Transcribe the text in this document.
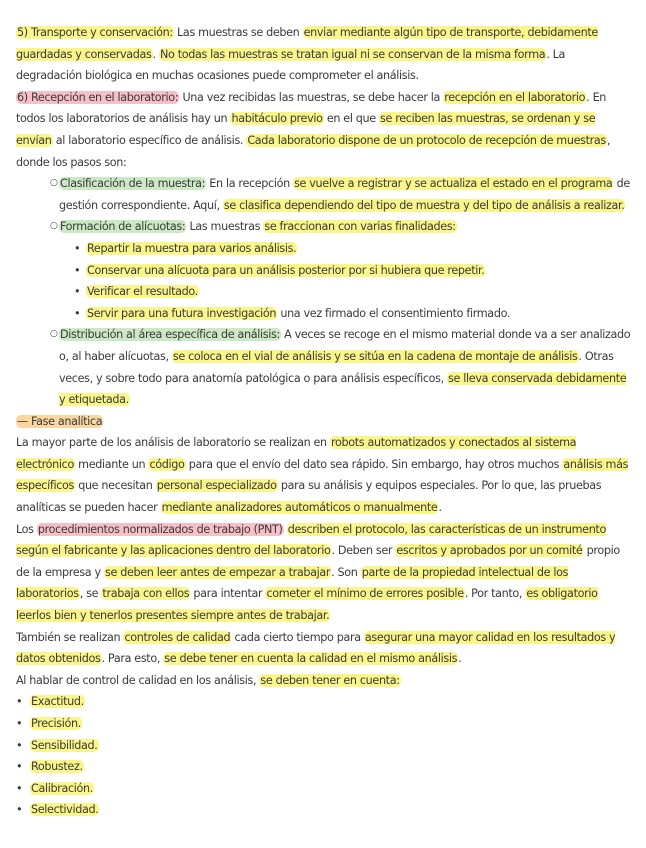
5) Transporte y conservación: Las muestras se deben enviar mediante algún tipo de transporte, debidamente guardadas y conservadas. No todas las muestras se tratan igual ni se conservan de la misma forma. La degradación biológica en muchas ocasiones puede comprometer el análisis.

6) Recepción en el laboratorio: Una vez recibidas las muestras, se debe hacer la recepción en el laboratorio. En todos los laboratorios de análisis hay un habitáculo previo en el que se reciben las muestras, se ordenan y se envían al laboratorio específico de análisis. Cada laboratorio dispone de un protocolo de recepción de muestras, donde los pasos son:

○ Clasificación de la muestra: En la recepción se vuelve a registrar y se actualiza el estado en el programa de gestión correspondiente. Aquí, se clasifica dependiendo del tipo de muestra y del tipo de análisis a realizar.

○ Formación de alícuotas: Las muestras se fraccionan con varias finalidades:

• Repartir la muestra para varios análisis.

• Conservar una alícuota para un análisis posterior por si hubiera que repetir.

• Verificar el resultado.

• Servir para una futura investigación una vez firmado el consentimiento firmado.

○ Distribución al área específica de análisis: A veces se recoge en el mismo material donde va a ser analizado o, al haber alícuotas, se coloca en el vial de análisis y se sitúa en la cadena de montaje de análisis. Otras veces, y sobre todo para anatomía patológica o para análisis específicos, se lleva conservada debidamente y etiquetada.

— Fase analítica

La mayor parte de los análisis de laboratorio se realizan en robots automatizados y conectados al sistema electrónico mediante un código para que el envío del dato sea rápido. Sin embargo, hay otros muchos análisis más específicos que necesitan personal especializado para su análisis y equipos especiales. Por lo que, las pruebas analíticas se pueden hacer mediante analizadores automáticos o manualmente.

Los procedimientos normalizados de trabajo (PNT) describen el protocolo, las características de un instrumento según el fabricante y las aplicaciones dentro del laboratorio. Deben ser escritos y aprobados por un comité propio de la empresa y se deben leer antes de empezar a trabajar. Son parte de la propiedad intelectual de los laboratorios, se trabaja con ellos para intentar cometer el mínimo de errores posible. Por tanto, es obligatorio leerlos bien y tenerlos presentes siempre antes de trabajar.

También se realizan controles de calidad cada cierto tiempo para asegurar una mayor calidad en los resultados y datos obtenidos. Para esto, se debe tener en cuenta la calidad en el mismo análisis.

Al hablar de control de calidad en los análisis, se deben tener en cuenta:

• Exactitud.

• Precisión.

• Sensibilidad.

• Robustez.

• Calibración.

• Selectividad.
